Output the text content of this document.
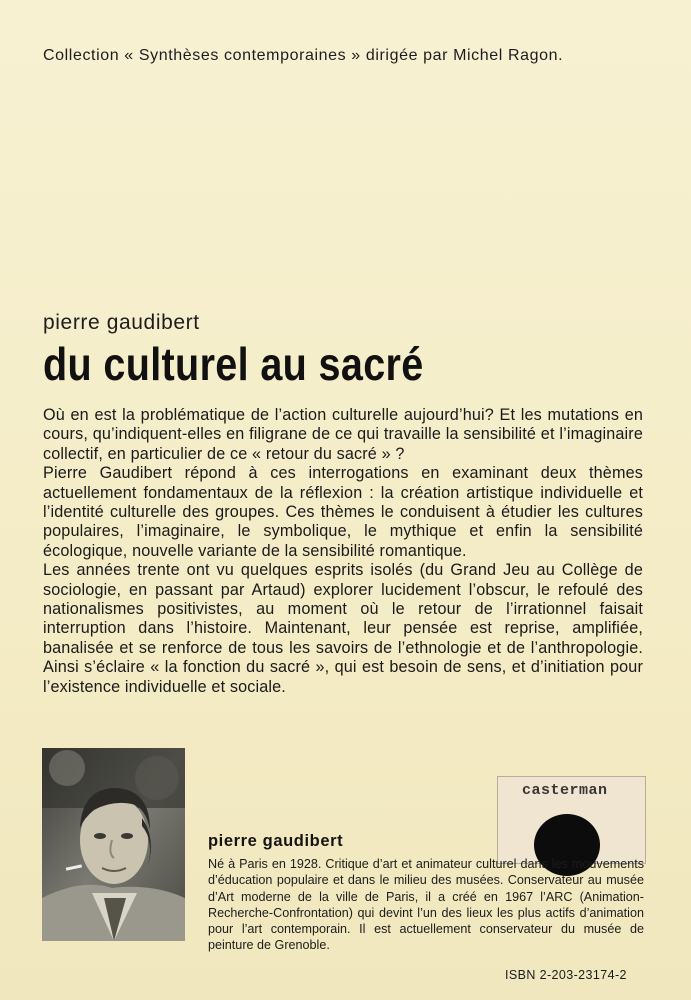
Collection « Synthèses contemporaines » dirigée par Michel Ragon.
pierre gaudibert
du culturel au sacré

Où en est la problématique de l’action culturelle aujourd’hui? Et les mutations en cours, qu’indiquent-elles en filigrane de ce qui travaille la sensibilité et l’imaginaire collectif, en particulier de ce « retour du sacré » ?

Pierre Gaudibert répond à ces interrogations en examinant deux thèmes actuellement fondamentaux de la réflexion : la création artistique individuelle et l’identité culturelle des groupes. Ces thèmes le conduisent à étudier les cultures populaires, l’imaginaire, le symbolique, le mythique et enfin la sensibilité écologique, nouvelle variante de la sensibilité romantique.

Les années trente ont vu quelques esprits isolés (du Grand Jeu au Collège de sociologie, en passant par Artaud) explorer lucidement l’obscur, le refoulé des nationalismes positivistes, au moment où le retour de l’irrationnel faisait interruption dans l’histoire. Maintenant, leur pensée est reprise, amplifiée, banalisée et se renforce de tous les savoirs de l’ethnologie et de l’anthropologie. Ainsi s’éclaire « la fonction du sacré », qui est besoin de sens, et d’initiation pour l’existence individuelle et sociale.

casterman
pierre gaudibert
Né à Paris en 1928. Critique d’art et animateur culturel dans les mouvements d’éducation populaire et dans le milieu des musées. Conservateur au musée d’Art moderne de la ville de Paris, il a créé en 1967 l’ARC (Animation-Recherche-Confrontation) qui devint l’un des lieux les plus actifs d’animation pour l’art contemporain. Il est actuellement conservateur du musée de peinture de Grenoble.
ISBN 2-203-23174-2
